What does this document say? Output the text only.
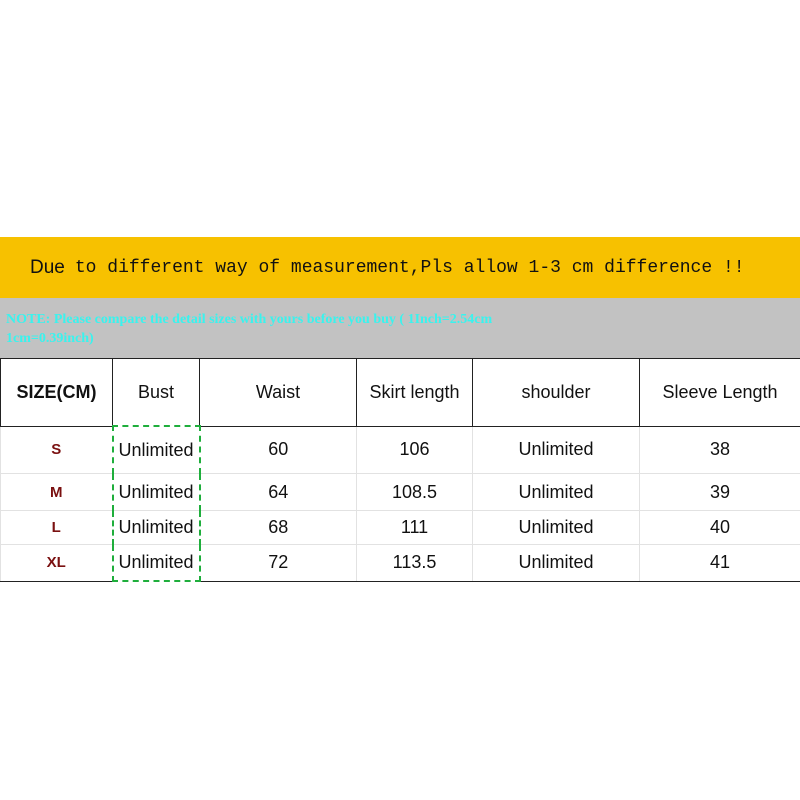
Due to different way of measurement,Pls allow 1-3 cm difference !!
NOTE: Please compare the detail sizes with yours before you buy ( 1Inch=2.54cm
1cm=0.39inch)
SIZE(CM)	Bust	Waist	Skirt length	shoulder	Sleeve Length
S	Unlimited	60	106	Unlimited	38
M	Unlimited	64	108.5	Unlimited	39
L	Unlimited	68	111	Unlimited	40
XL	Unlimited	72	113.5	Unlimited	41
